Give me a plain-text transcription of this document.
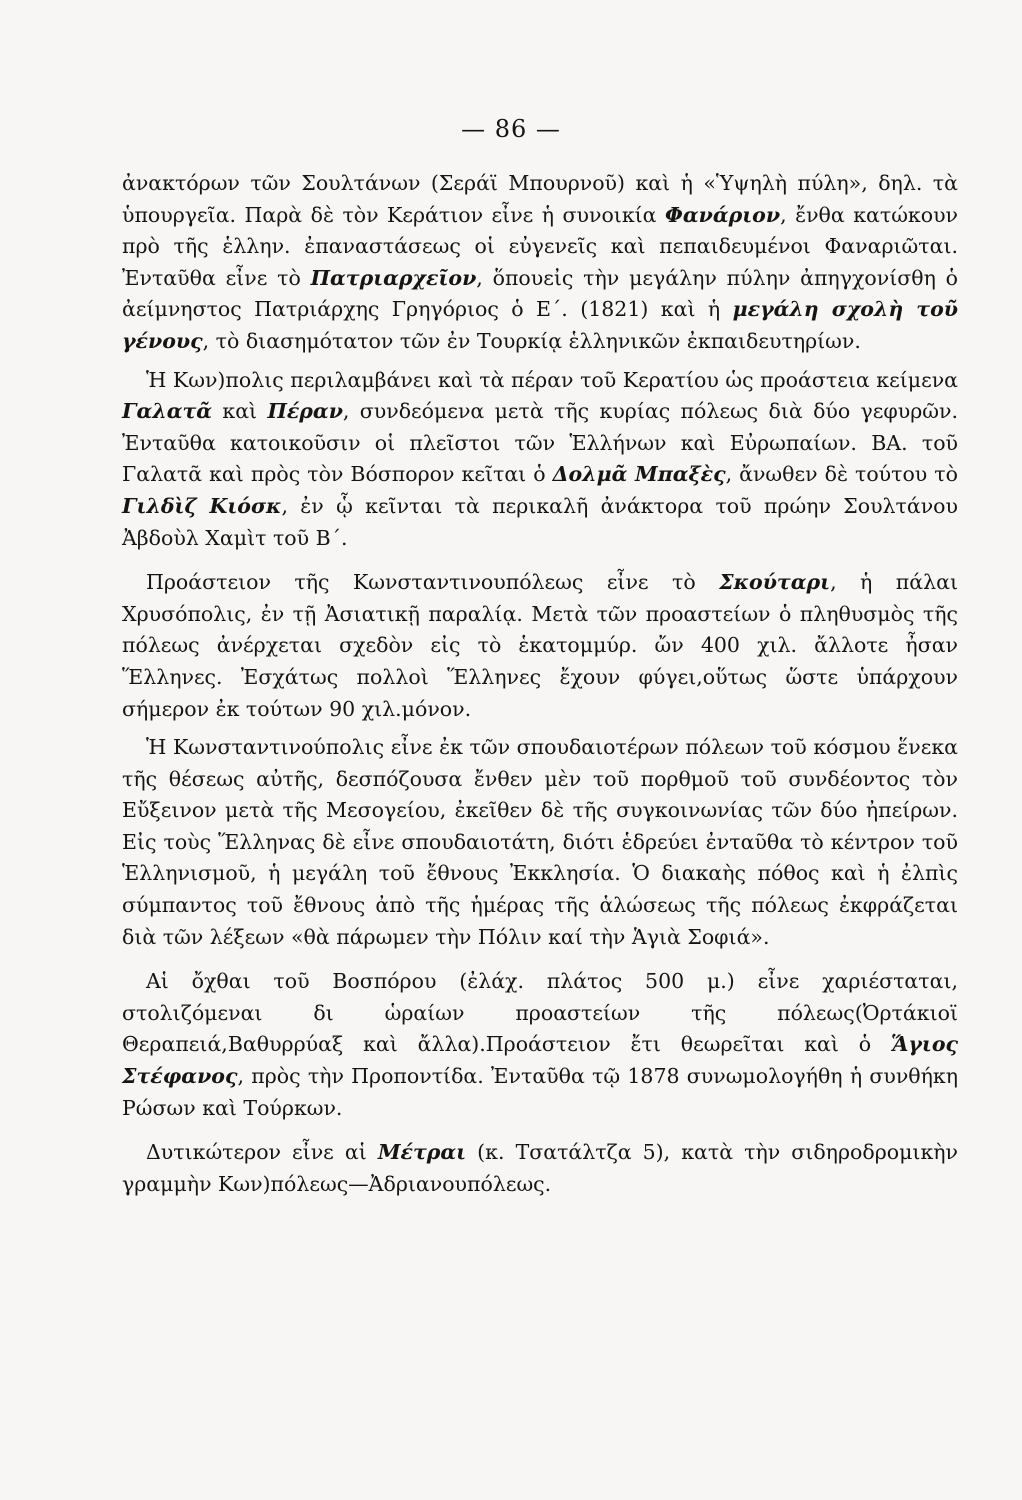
— 86 —

ἀνακτόρων τῶν Σουλτάνων (Σεράϊ Μπουρνοῦ) καὶ ἡ «Ὑψηλὴ πύλη», δηλ. τὰ ὑπουργεῖα. Παρὰ δὲ τὸν Κεράτιον εἶνε ἡ συνοικία Φανάριον, ἔνθα κατώκουν πρὸ τῆς ἑλλην. ἐπαναστάσεως οἱ εὐγενεῖς καὶ πεπαιδευμένοι Φαναριῶται. Ἐνταῦθα εἶνε τὸ Πατριαρχεῖον, ὅπουεἰς τὴν μεγάλην πύλην ἀπηγχονίσθη ὁ ἀείμνηστος Πατριάρχης Γρηγόριος ὁ Ε΄. (1821) καὶ ἡ μεγάλη σχολὴ τοῦ γένους, τὸ διασημότατον τῶν ἐν Τουρκίᾳ ἑλληνικῶν ἐκπαιδευτηρίων.

Ἡ Κων)πολις περιλαμβάνει καὶ τὰ πέραν τοῦ Κερατίου ὡς προάστεια κείμενα Γαλατᾶ καὶ Πέραν, συνδεόμενα μετὰ τῆς κυρίας πόλεως διὰ δύο γεφυρῶν. Ἐνταῦθα κατοικοῦσιν οἱ πλεῖστοι τῶν Ἑλλήνων καὶ Εὐρωπαίων. ΒΑ. τοῦ Γαλατᾶ καὶ πρὸς τὸν Βόσπορον κεῖται ὁ Δολμᾶ Μπαξὲς, ἄνωθεν δὲ τούτου τὸ Γιλδὶζ Κιόσκ, ἐν ᾧ κεῖνται τὰ περικαλῆ ἀνάκτορα τοῦ πρώην Σουλτάνου Ἀβδοὺλ Χαμὶτ τοῦ Β΄.

Προάστειον τῆς Κωνσταντινουπόλεως εἶνε τὸ Σκούταρι, ἡ πάλαι Χρυσόπολις, ἐν τῇ Ἀσιατικῇ παραλίᾳ. Μετὰ τῶν προαστείων ὁ πληθυσμὸς τῆς πόλεως ἀνέρχεται σχεδὸν εἰς τὸ ἑκατομμύρ. ὤν 400 χιλ. ἄλλοτε ἦσαν Ἕλληνες. Ἐσχάτως πολλοὶ Ἕλληνες ἔχουν φύγει,οὕτως ὥστε ὑπάρχουν σήμερον ἐκ τούτων 90 χιλ.μόνον.

Ἡ Κωνσταντινούπολις εἶνε ἐκ τῶν σπουδαιοτέρων πόλεων τοῦ κόσμου ἕνεκα τῆς θέσεως αὐτῆς, δεσπόζουσα ἔνθεν μὲν τοῦ πορθμοῦ τοῦ συνδέοντος τὸν Εὔξεινον μετὰ τῆς Μεσογείου, ἐκεῖθεν δὲ τῆς συγκοινωνίας τῶν δύο ἠπείρων. Εἰς τοὺς Ἕλληνας δὲ εἶνε σπουδαιοτάτη, διότι ἑδρεύει ἐνταῦθα τὸ κέντρον τοῦ Ἑλληνισμοῦ, ἡ μεγάλη τοῦ ἔθνους Ἐκκλησία. Ὁ διακαὴς πόθος καὶ ἡ ἐλπὶς σύμπαντος τοῦ ἔθνους ἀπὸ τῆς ἡμέρας τῆς ἁλώσεως τῆς πόλεως ἐκφράζεται διὰ τῶν λέξεων «θὰ πάρωμεν τὴν Πόλιν καί τὴν Ἁγιὰ Σοφιά».

Αἱ ὄχθαι τοῦ Βοσπόρου (ἐλάχ. πλάτος 500 μ.) εἶνε χαριέσταται, στολιζόμεναι δι ὡραίων προαστείων τῆς πόλεως(Ὀρτάκιοϊ Θεραπειά,Βαθυρρύαξ καὶ ἄλλα).Προάστειον ἔτι θεωρεῖται καὶ ὁ Ἅγιος Στέφανος, πρὸς τὴν Προποντίδα. Ἐνταῦθα τῷ 1878 συνωμολογήθη ἡ συνθήκη Ρώσων καὶ Τούρκων.

Δυτικώτερον εἶνε αἱ Μέτραι (κ. Τσατάλτζα 5), κατὰ τὴν σιδηροδρομικὴν γραμμὴν Κων)πόλεως—Ἀδριανουπόλεως.
